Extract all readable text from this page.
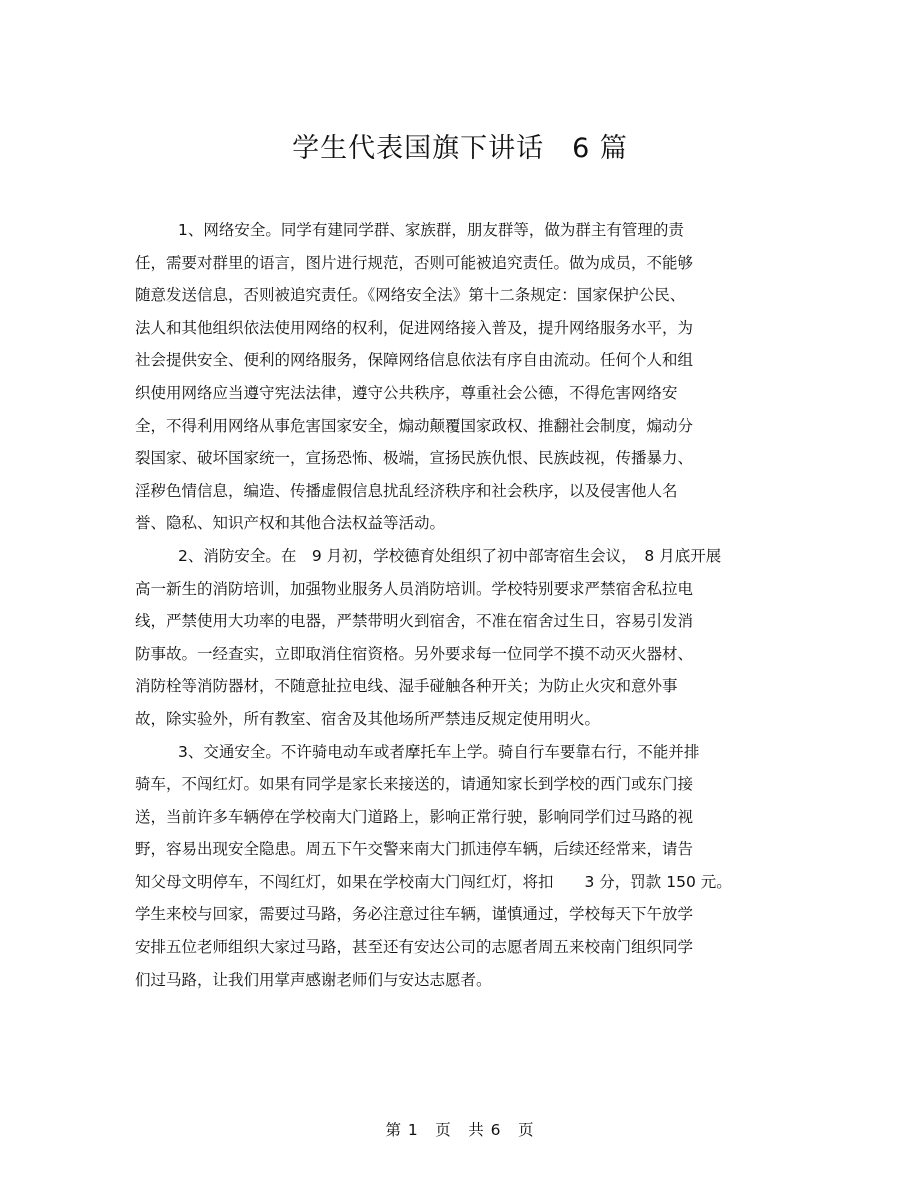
学生代表国旗下讲话　6 篇
1、网络安全。同学有建同学群、家族群，朋友群等，做为群主有管理的责
任，需要对群里的语言，图片进行规范，否则可能被追究责任。做为成员，不能够
随意发送信息，否则被追究责任。《网络安全法》第十二条规定：国家保护公民、
法人和其他组织依法使用网络的权利，促进网络接入普及，提升网络服务水平，为
社会提供安全、便利的网络服务，保障网络信息依法有序自由流动。任何个人和组
织使用网络应当遵守宪法法律，遵守公共秩序，尊重社会公德，不得危害网络安
全，不得利用网络从事危害国家安全，煽动颠覆国家政权、推翻社会制度，煽动分
裂国家、破坏国家统一，宣扬恐怖、极端，宣扬民族仇恨、民族歧视，传播暴力、
淫秽色情信息，编造、传播虚假信息扰乱经济秩序和社会秩序，以及侵害他人名
誉、隐私、知识产权和其他合法权益等活动。
2、消防安全。在　9 月初，学校德育处组织了初中部寄宿生会议，　8 月底开展
高一新生的消防培训，加强物业服务人员消防培训。学校特别要求严禁宿舍私拉电
线，严禁使用大功率的电器，严禁带明火到宿舍，不准在宿舍过生日，容易引发消
防事故。一经查实，立即取消住宿资格。另外要求每一位同学不摸不动灭火器材、
消防栓等消防器材，不随意扯拉电线、湿手碰触各种开关；为防止火灾和意外事
故，除实验外，所有教室、宿舍及其他场所严禁违反规定使用明火。
3、交通安全。不许骑电动车或者摩托车上学。骑自行车要靠右行，不能并排
骑车，不闯红灯。如果有同学是家长来接送的，请通知家长到学校的西门或东门接
送，当前许多车辆停在学校南大门道路上，影响正常行驶，影响同学们过马路的视
野，容易出现安全隐患。周五下午交警来南大门抓违停车辆，后续还经常来，请告
知父母文明停车，不闯红灯，如果在学校南大门闯红灯，将扣　　3 分，罚款 150 元。
学生来校与回家，需要过马路，务必注意过往车辆，谨慎通过，学校每天下午放学
安排五位老师组织大家过马路，甚至还有安达公司的志愿者周五来校南门组织同学
们过马路，让我们用掌声感谢老师们与安达志愿者。
第 1　页　共 6　页
